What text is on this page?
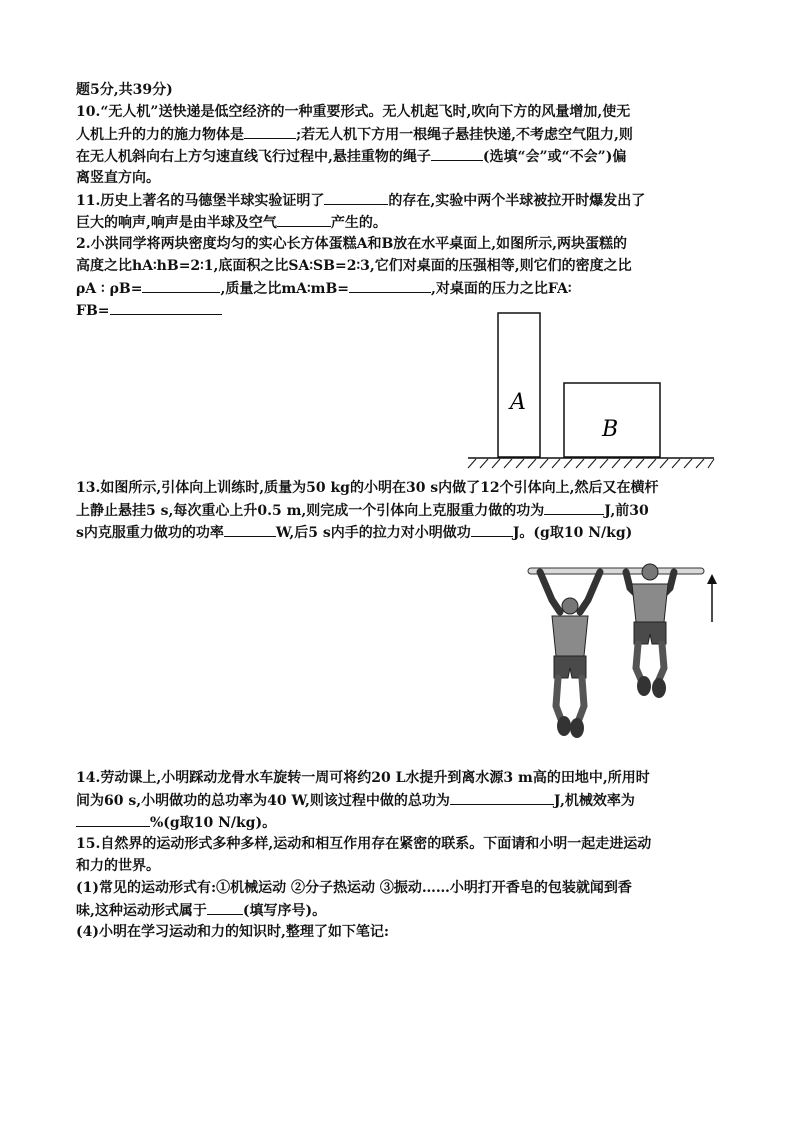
题5分,共39分)
10.“无人机”送快递是低空经济的一种重要形式。无人机起飞时,吹向下方的风量增加,使无
人机上升的力的施力物体是	;若无人机下方用一根绳子悬挂快递,不考虑空气阻力,则
在无人机斜向右上方匀速直线飞行过程中,悬挂重物的绳子	(选填“会”或“不会”)偏
离竖直方向。
11.历史上著名的马德堡半球实验证明了	的存在,实验中两个半球被拉开时爆发出了
巨大的响声,响声是由半球及空气	产生的。
2.小洪同学将两块密度均匀的实心长方体蛋糕A和B放在水平桌面上,如图所示,两块蛋糕的
高度之比hA∶hB=2∶1,底面积之比SA∶SB=2∶3,它们对桌面的压强相等,则它们的密度之比
ρA ∶ ρB=	,质量之比mA∶mB=	,对桌面的压力之比FA∶
FB=
A
B
13.如图所示,引体向上训练时,质量为50 kg的小明在30 s内做了12个引体向上,然后又在横杆
上静止悬挂5 s,每次重心上升0.5 m,则完成一个引体向上克服重力做的功为	J,前30
s内克服重力做功的功率	W,后5 s内手的拉力对小明做功	J。(g取10 N/kg)
14.劳动课上,小明踩动龙骨水车旋转一周可将约20 L水提升到离水源3 m高的田地中,所用时
间为60 s,小明做功的总功率为40 W,则该过程中做的总功为	J,机械效率为
%(g取10 N/kg)。
15.自然界的运动形式多种多样,运动和相互作用存在紧密的联系。下面请和小明一起走进运动
和力的世界。
(1)常见的运动形式有:①机械运动 ②分子热运动 ③振动……小明打开香皂的包装就闻到香
味,这种运动形式属于	(填写序号)。
(4)小明在学习运动和力的知识时,整理了如下笔记:
